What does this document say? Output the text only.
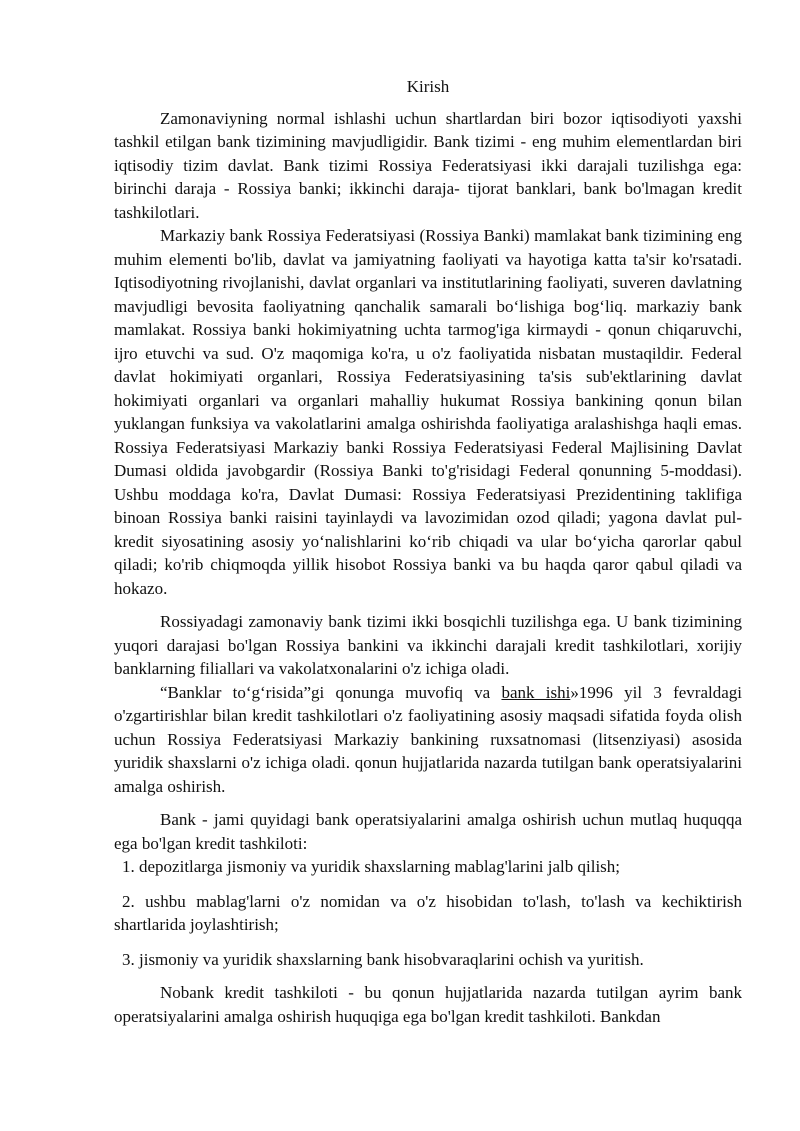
Kirish

Zamonaviyning normal ishlashi uchun shartlardan biri bozor iqtisodiyoti yaxshi tashkil etilgan bank tizimining mavjudligidir. Bank tizimi - eng muhim elementlardan biri iqtisodiy tizim davlat. Bank tizimi Rossiya Federatsiyasi ikki darajali tuzilishga ega: birinchi daraja - Rossiya banki; ikkinchi daraja- tijorat banklari, bank bo'lmagan kredit tashkilotlari.

Markaziy bank Rossiya Federatsiyasi (Rossiya Banki) mamlakat bank tizimining eng muhim elementi bo'lib, davlat va jamiyatning faoliyati va hayotiga katta ta'sir ko'rsatadi. Iqtisodiyotning rivojlanishi, davlat organlari va institutlarining faoliyati, suveren davlatning mavjudligi bevosita faoliyatning qanchalik samarali bo‘lishiga bog‘liq. markaziy bank mamlakat. Rossiya banki hokimiyatning uchta tarmog'iga kirmaydi - qonun chiqaruvchi, ijro etuvchi va sud. O'z maqomiga ko'ra, u o'z faoliyatida nisbatan mustaqildir. Federal davlat hokimiyati organlari, Rossiya Federatsiyasining ta'sis sub'ektlarining davlat hokimiyati organlari va organlari mahalliy hukumat Rossiya bankining qonun bilan yuklangan funksiya va vakolatlarini amalga oshirishda faoliyatiga aralashishga haqli emas. Rossiya Federatsiyasi Markaziy banki Rossiya Federatsiyasi Federal Majlisining Davlat Dumasi oldida javobgardir (Rossiya Banki to'g'risidagi Federal qonunning 5-moddasi). Ushbu moddaga ko'ra, Davlat Dumasi: Rossiya Federatsiyasi Prezidentining taklifiga binoan Rossiya banki raisini tayinlaydi va lavozimidan ozod qiladi; yagona davlat pul-kredit siyosatining asosiy yo‘nalishlarini ko‘rib chiqadi va ular bo‘yicha qarorlar qabul qiladi; ko'rib chiqmoqda yillik hisobot Rossiya banki va bu haqda qaror qabul qiladi va hokazo.

Rossiyadagi zamonaviy bank tizimi ikki bosqichli tuzilishga ega. U bank tizimining yuqori darajasi bo'lgan Rossiya bankini va ikkinchi darajali kredit tashkilotlari, xorijiy banklarning filiallari va vakolatxonalarini o'z ichiga oladi.

“Banklar to‘g‘risida”gi qonunga muvofiq va bank ishi»1996 yil 3 fevraldagi o'zgartirishlar bilan kredit tashkilotlari o'z faoliyatining asosiy maqsadi sifatida foyda olish uchun Rossiya Federatsiyasi Markaziy bankining ruxsatnomasi (litsenziyasi) asosida yuridik shaxslarni o'z ichiga oladi. qonun hujjatlarida nazarda tutilgan bank operatsiyalarini amalga oshirish.

Bank - jami quyidagi bank operatsiyalarini amalga oshirish uchun mutlaq huquqqa ega bo'lgan kredit tashkiloti:

1. depozitlarga jismoniy va yuridik shaxslarning mablag'larini jalb qilish;

2. ushbu mablag'larni o'z nomidan va o'z hisobidan to'lash, to'lash va kechiktirish shartlarida joylashtirish;

3. jismoniy va yuridik shaxslarning bank hisobvaraqlarini ochish va yuritish.

Nobank kredit tashkiloti - bu qonun hujjatlarida nazarda tutilgan ayrim bank operatsiyalarini amalga oshirish huquqiga ega bo'lgan kredit tashkiloti. Bankdan
